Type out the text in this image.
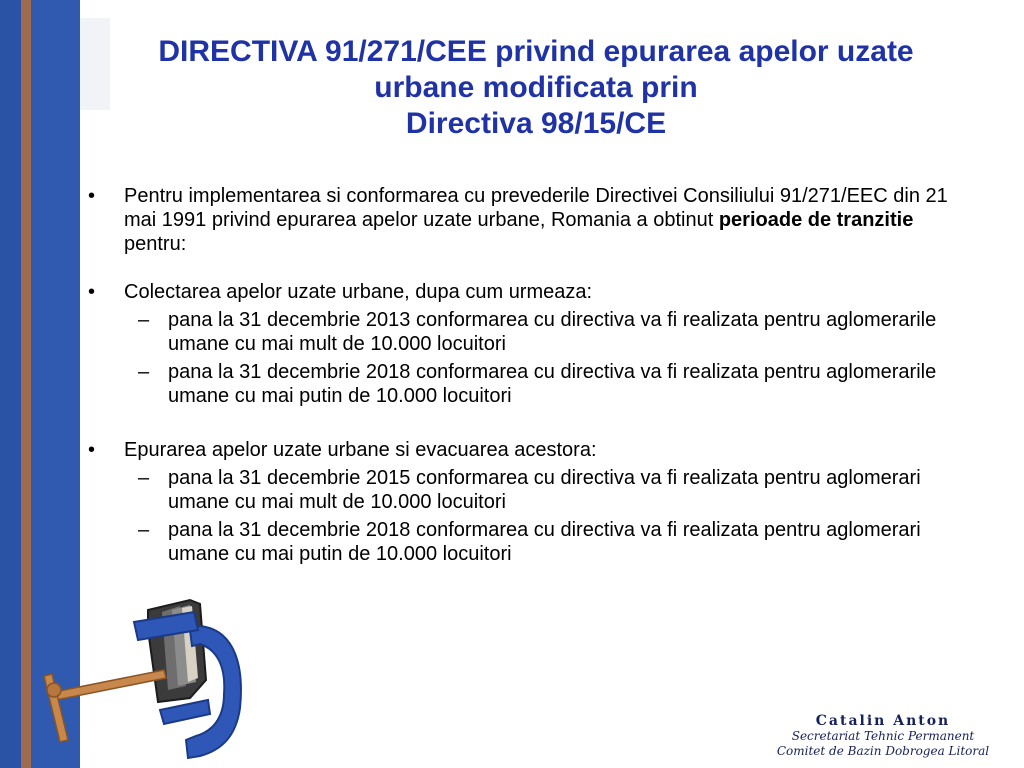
DIRECTIVA 91/271/CEE privind epurarea apelor uzate
urbane modificata prin
Directiva 98/15/CE
• Pentru implementarea si conformarea cu prevederile Directivei Consiliului 91/271/EEC din 21 mai 1991 privind epurarea apelor uzate urbane, Romania a obtinut perioade de tranzitie pentru:
• Colectarea apelor uzate urbane, dupa cum urmeaza:
– pana la 31 decembrie 2013 conformarea cu directiva va fi realizata pentru aglomerarile umane cu mai mult de 10.000 locuitori
– pana la 31 decembrie 2018 conformarea cu directiva va fi realizata pentru aglomerarile umane cu mai putin de 10.000 locuitori
• Epurarea apelor uzate urbane si evacuarea acestora:
– pana la 31 decembrie 2015 conformarea cu directiva va fi realizata pentru aglomerari umane cu mai mult de 10.000 locuitori
– pana la 31 decembrie 2018 conformarea cu directiva va fi realizata pentru aglomerari umane cu mai putin de 10.000 locuitori
Catalin Anton
Secretariat Tehnic Permanent
Comitet de Bazin Dobrogea Litoral
